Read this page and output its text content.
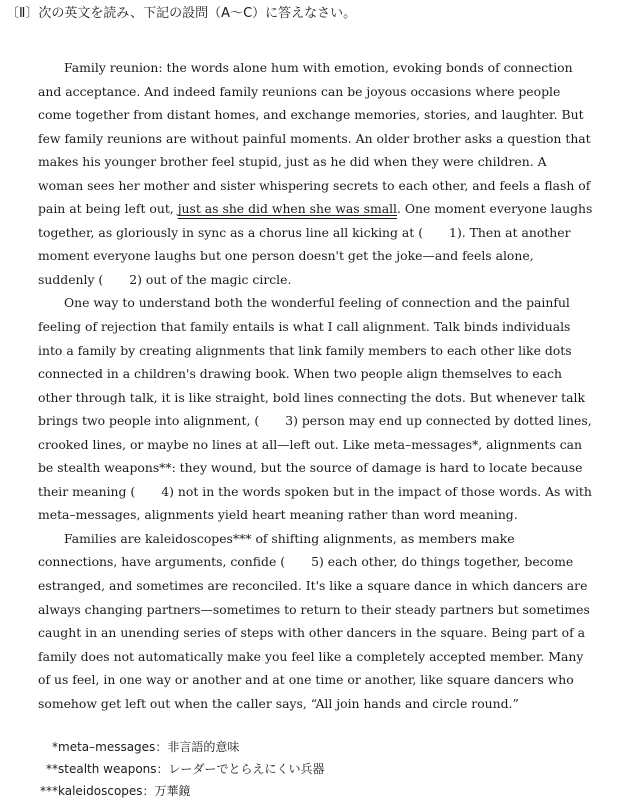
〔Ⅱ〕次の英文を読み、下記の設問（A～C）に答えなさい。

Family reunion: the words alone hum with emotion, evoking bonds of connection and acceptance. And indeed family reunions can be joyous occasions where people come together from distant homes, and exchange memories, stories, and laughter. But few family reunions are without painful moments. An older brother asks a question that makes his younger brother feel stupid, just as he did when they were children. A woman sees her mother and sister whispering secrets to each other, and feels a flash of pain at being left out, just as she did when she was small. One moment everyone laughs together, as gloriously in sync as a chorus line all kicking at ( 1). Then at another moment everyone laughs but one person doesn't get the joke—and feels alone, suddenly ( 2) out of the magic circle.

One way to understand both the wonderful feeling of connection and the painful feeling of rejection that family entails is what I call alignment. Talk binds individuals into a family by creating alignments that link family members to each other like dots connected in a children's drawing book. When two people align themselves to each other through talk, it is like straight, bold lines connecting the dots. But whenever talk brings two people into alignment, ( 3) person may end up connected by dotted lines, crooked lines, or maybe no lines at all—left out. Like meta–messages*, alignments can be stealth weapons**: they wound, but the source of damage is hard to locate because their meaning ( 4) not in the words spoken but in the impact of those words. As with meta–messages, alignments yield heart meaning rather than word meaning.

Families are kaleidoscopes*** of shifting alignments, as members make connections, have arguments, confide ( 5) each other, do things together, become estranged, and sometimes are reconciled. It's like a square dance in which dancers are always changing partners—sometimes to return to their steady partners but sometimes caught in an unending series of steps with other dancers in the square. Being part of a family does not automatically make you feel like a completely accepted member. Many of us feel, in one way or another and at one time or another, like square dancers who somehow get left out when the caller says, “All join hands and circle round.”

* meta–messages：非言語的意味
** stealth weapons：レーダーでとらえにくい兵器
*** kaleidoscopes：万華鏡
